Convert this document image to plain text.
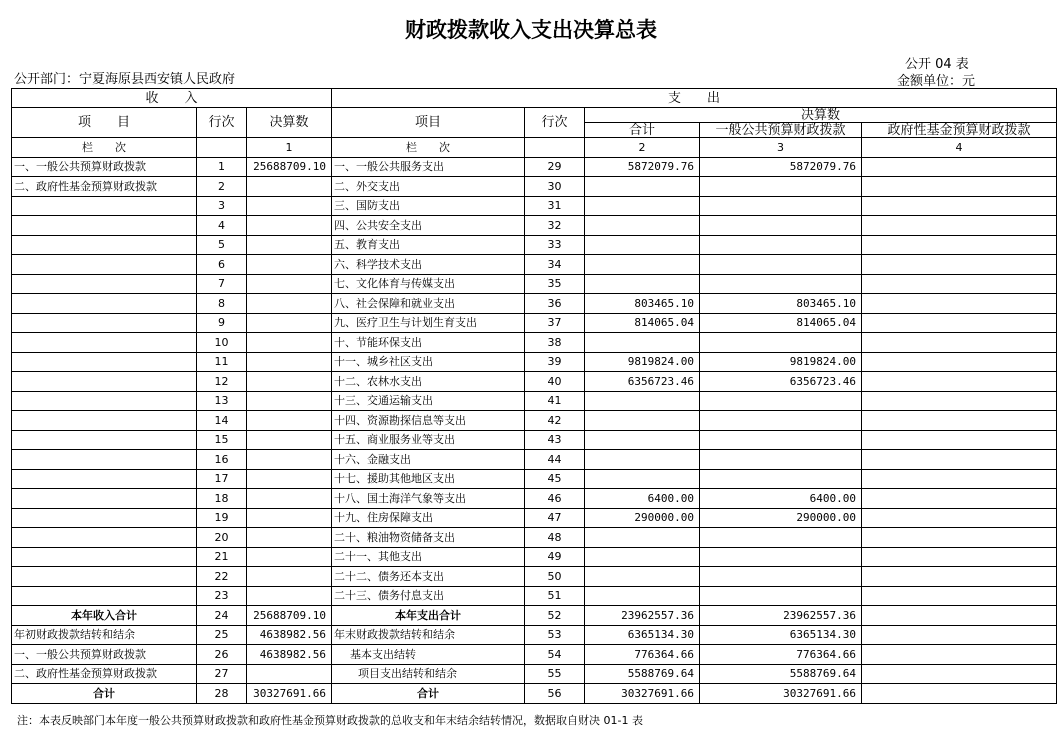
财政拨款收入支出决算总表
公开 04 表
公开部门：宁夏海原县西安镇人民政府	金额单位：元
收　　入			支　　出				
项　　目	行次	决算数	项目	行次	决算数		
					合计	一般公共预算财政拨款	政府性基金预算财政拨款
栏　　次		1	栏　　次		2	3	4
一、一般公共预算财政拨款	1	25688709.10	一、一般公共服务支出	29	5872079.76	5872079.76	
二、政府性基金预算财政拨款	2		二、外交支出	30			
	3		三、国防支出	31			
	4		四、公共安全支出	32			
	5		五、教育支出	33			
	6		六、科学技术支出	34			
	7		七、文化体育与传媒支出	35			
	8		八、社会保障和就业支出	36	803465.10	803465.10	
	9		九、医疗卫生与计划生育支出	37	814065.04	814065.04	
	10		十、节能环保支出	38			
	11		十一、城乡社区支出	39	9819824.00	9819824.00	
	12		十二、农林水支出	40	6356723.46	6356723.46	
	13		十三、交通运输支出	41			
	14		十四、资源勘探信息等支出	42			
	15		十五、商业服务业等支出	43			
	16		十六、金融支出	44			
	17		十七、援助其他地区支出	45			
	18		十八、国土海洋气象等支出	46	6400.00	6400.00	
	19		十九、住房保障支出	47	290000.00	290000.00	
	20		二十、粮油物资储备支出	48			
	21		二十一、其他支出	49			
	22		二十二、债务还本支出	50			
	23		二十三、债务付息支出	51			
本年收入合计	24	25688709.10	本年支出合计	52	23962557.36	23962557.36	
年初财政拨款结转和结余	25	4638982.56	年末财政拨款结转和结余	53	6365134.30	6365134.30	
一、一般公共预算财政拨款	26	4638982.56	基本支出结转	54	776364.66	776364.66	
二、政府性基金预算财政拨款	27		项目支出结转和结余	55	5588769.64	5588769.64	
合计	28	30327691.66	合计	56	30327691.66	30327691.66	
注：本表反映部门本年度一般公共预算财政拨款和政府性基金预算财政拨款的总收支和年末结余结转情况，数据取自财决 01-1 表
